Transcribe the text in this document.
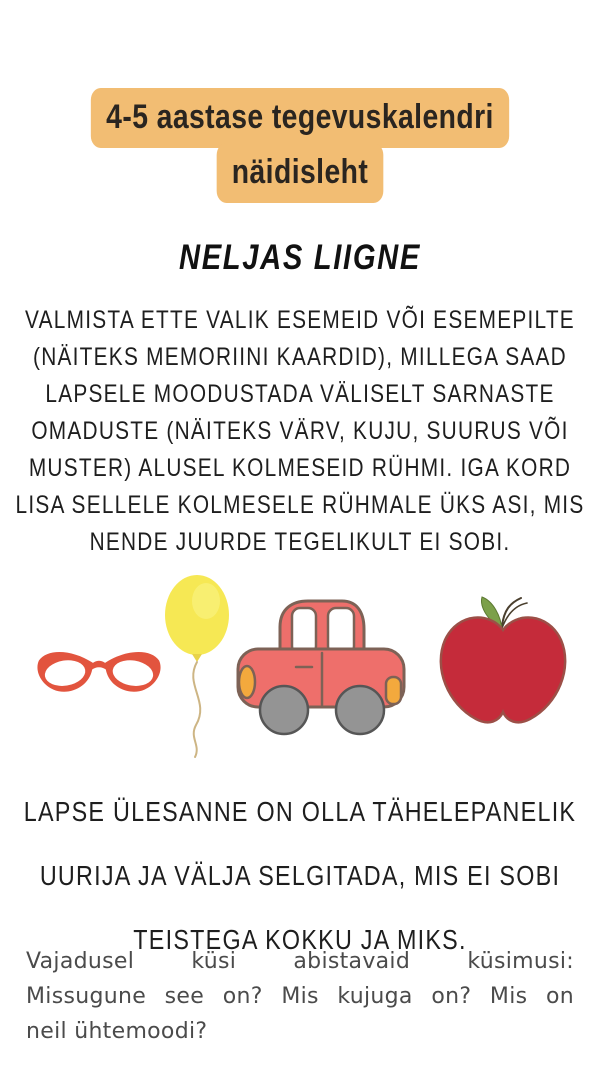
4-5 aastase tegevuskalendri
näidisleht
NELJAS LIIGNE
VALMISTA ETTE VALIK ESEMEID VÕI ESEMEPILTE
(NÄITEKS MEMORIINI KAARDID), MILLEGA SAAD
LAPSELE MOODUSTADA VÄLISELT SARNASTE
OMADUSTE (NÄITEKS VÄRV, KUJU, SUURUS VÕI
MUSTER) ALUSEL KOLMESEID RÜHMI. IGA KORD
LISA SELLELE KOLMESELE RÜHMALE ÜKS ASI, MIS
NENDE JUURDE TEGELIKULT EI SOBI.
LAPSE ÜLESANNE ON OLLA TÄHELEPANELIK
UURIJA JA VÄLJA SELGITADA, MIS EI SOBI
TEISTEGA KOKKU JA MIKS.
Vajadusel küsi abistavaid küsimusi:
Missugune see on? Mis kujuga on? Mis on
neil ühtemoodi?
